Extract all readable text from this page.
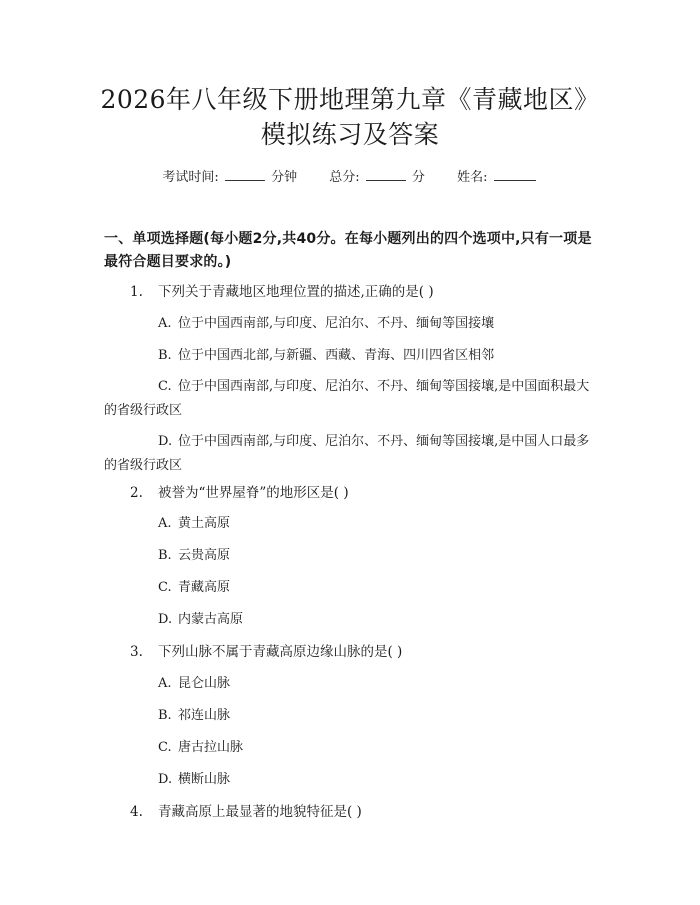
2026年八年级下册地理第九章《青藏地区》
模拟练习及答案
考试时间:	分钟 总分:	分 姓名:
一、单项选择题(每小题2分,共40分。在每小题列出的四个选项中,只有一项是最符合题目要求的。)
1. 下列关于青藏地区地理位置的描述,正确的是( )
A. 位于中国西南部,与印度、尼泊尔、不丹、缅甸等国接壤
B. 位于中国西北部,与新疆、西藏、青海、四川四省区相邻
C. 位于中国西南部,与印度、尼泊尔、不丹、缅甸等国接壤,是中国面积最大的省级行政区
D. 位于中国西南部,与印度、尼泊尔、不丹、缅甸等国接壤,是中国人口最多的省级行政区
2. 被誉为“世界屋脊”的地形区是( )
A. 黄土高原
B. 云贵高原
C. 青藏高原
D. 内蒙古高原
3. 下列山脉不属于青藏高原边缘山脉的是( )
A. 昆仑山脉
B. 祁连山脉
C. 唐古拉山脉
D. 横断山脉
4. 青藏高原上最显著的地貌特征是( )
